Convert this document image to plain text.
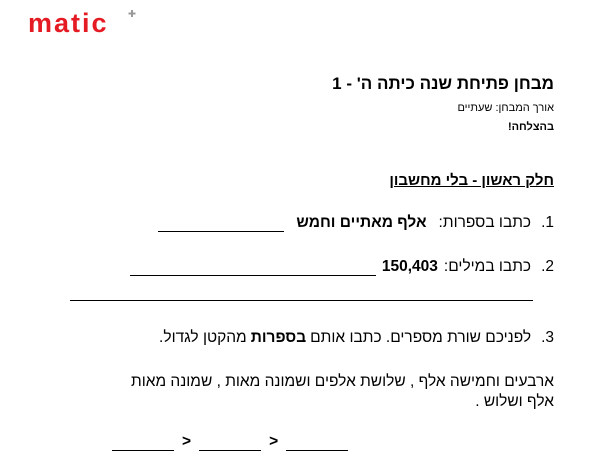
matic
מבחן פתיחת שנה כיתה ה' - 1
אורך המבחן: שעתיים
בהצלחה!
חלק ראשון - בלי מחשבון
1.
כתבו בספרות:
אלף מאתיים וחמש
2.
כתבו במילים:
150,403
3.
לפניכם שורת מספרים. כתבו אותם
בספרות
מהקטן לגדול.
ארבעים וחמישה אלף , שלושת אלפים ושמונה מאות , שמונה מאות אלף ושלוש .
>	>
